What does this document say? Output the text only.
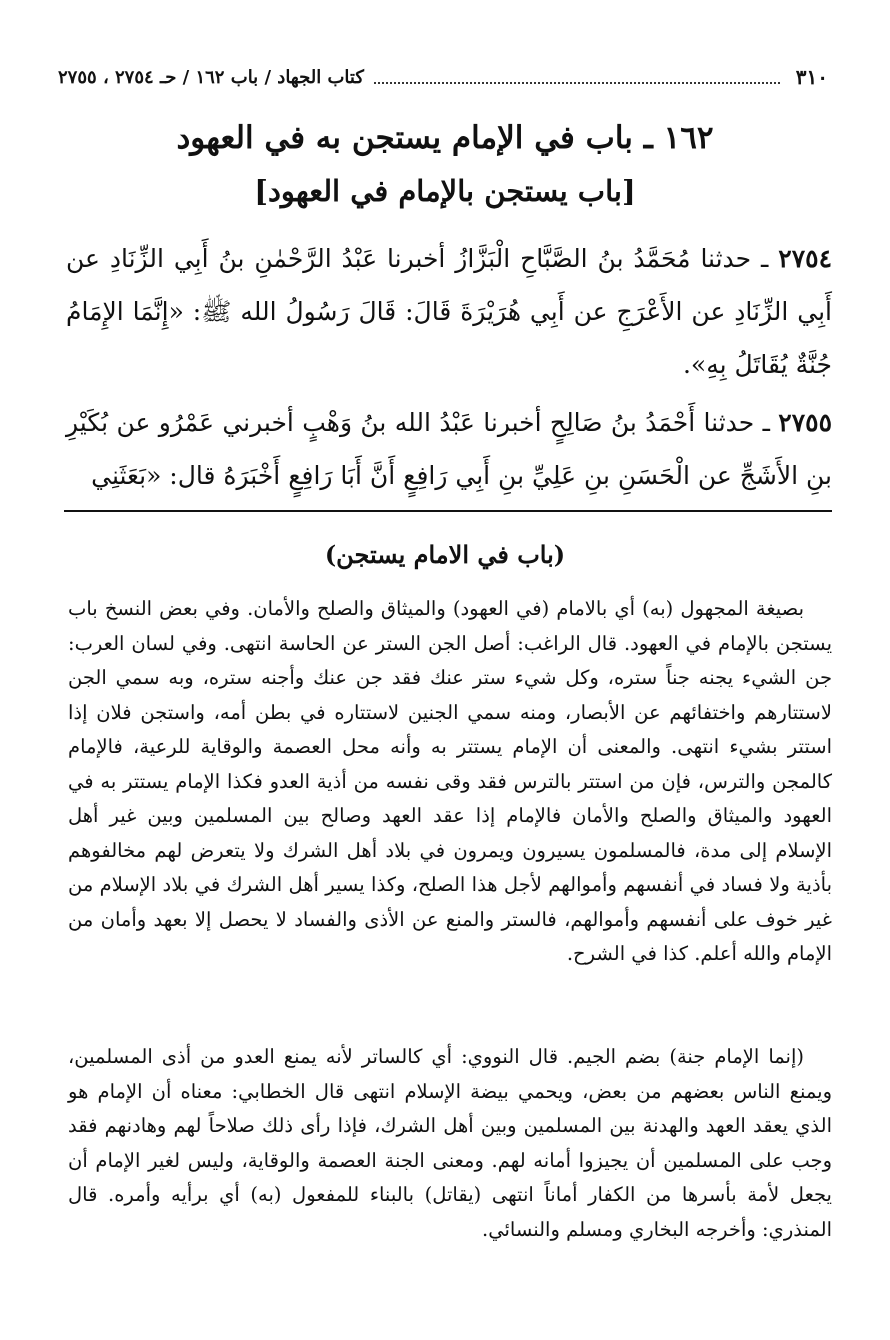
٣١٠
كتاب الجهاد / باب ١٦٢ / حـ ٢٧٥٤ ، ٢٧٥٥
١٦٢ ـ باب في الإمام يستجن به في العهود
[باب يستجن بالإمام في العهود]
٢٧٥٤ ـ حدثنا مُحَمَّدُ بنُ الصَّبَّاحِ الْبَزَّازُ أخبرنا عَبْدُ الرَّحْمٰنِ بنُ أَبِي الزِّنَادِ عن أَبِي الزِّنَادِ عن الأَعْرَجِ عن أَبِي هُرَيْرَةَ قَالَ: قَالَ رَسُولُ الله ﷺ: «إِنَّمَا الإِمَامُ جُنَّةٌ يُقَاتَلُ بِهِ».
٢٧٥٥ ـ حدثنا أَحْمَدُ بنُ صَالِحٍ أخبرنا عَبْدُ الله بنُ وَهْبٍ أخبرني عَمْرُو عن بُكَيْرِ بنِ الأَشَجِّ عن الْحَسَنِ بنِ عَلِيِّ بنِ أَبِي رَافِعٍ أَنَّ أَبَا رَافِعٍ أَخْبَرَهُ قال: «بَعَثَنِي
(باب في الامام يستجن)

بصيغة المجهول (به) أي بالامام (في العهود) والميثاق والصلح والأمان. وفي بعض النسخ باب يستجن بالإمام في العهود. قال الراغب: أصل الجن الستر عن الحاسة انتهى. وفي لسان العرب: جن الشيء يجنه جناً ستره، وكل شيء ستر عنك فقد جن عنك وأجنه ستره، وبه سمي الجن لاستتارهم واختفائهم عن الأبصار، ومنه سمي الجنين لاستتاره في بطن أمه، واستجن فلان إذا استتر بشيء انتهى. والمعنى أن الإمام يستتر به وأنه محل العصمة والوقاية للرعية، فالإمام كالمجن والترس، فإن من استتر بالترس فقد وقى نفسه من أذية العدو فكذا الإمام يستتر به في العهود والميثاق والصلح والأمان فالإمام إذا عقد العهد وصالح بين المسلمين وبين غير أهل الإسلام إلى مدة، فالمسلمون يسيرون ويمرون في بلاد أهل الشرك ولا يتعرض لهم مخالفوهم بأذية ولا فساد في أنفسهم وأموالهم لأجل هذا الصلح، وكذا يسير أهل الشرك في بلاد الإسلام من غير خوف على أنفسهم وأموالهم، فالستر والمنع عن الأذى والفساد لا يحصل إلا بعهد وأمان من الإمام والله أعلم. كذا في الشرح.

(إنما الإمام جنة) بضم الجيم. قال النووي: أي كالساتر لأنه يمنع العدو من أذى المسلمين، ويمنع الناس بعضهم من بعض، ويحمي بيضة الإسلام انتهى قال الخطابي: معناه أن الإمام هو الذي يعقد العهد والهدنة بين المسلمين وبين أهل الشرك، فإذا رأى ذلك صلاحاً لهم وهادنهم فقد وجب على المسلمين أن يجيزوا أمانه لهم. ومعنى الجنة العصمة والوقاية، وليس لغير الإمام أن يجعل لأمة بأسرها من الكفار أماناً انتهى (يقاتل) بالبناء للمفعول (به) أي برأيه وأمره. قال المنذري: وأخرجه البخاري ومسلم والنسائي.
